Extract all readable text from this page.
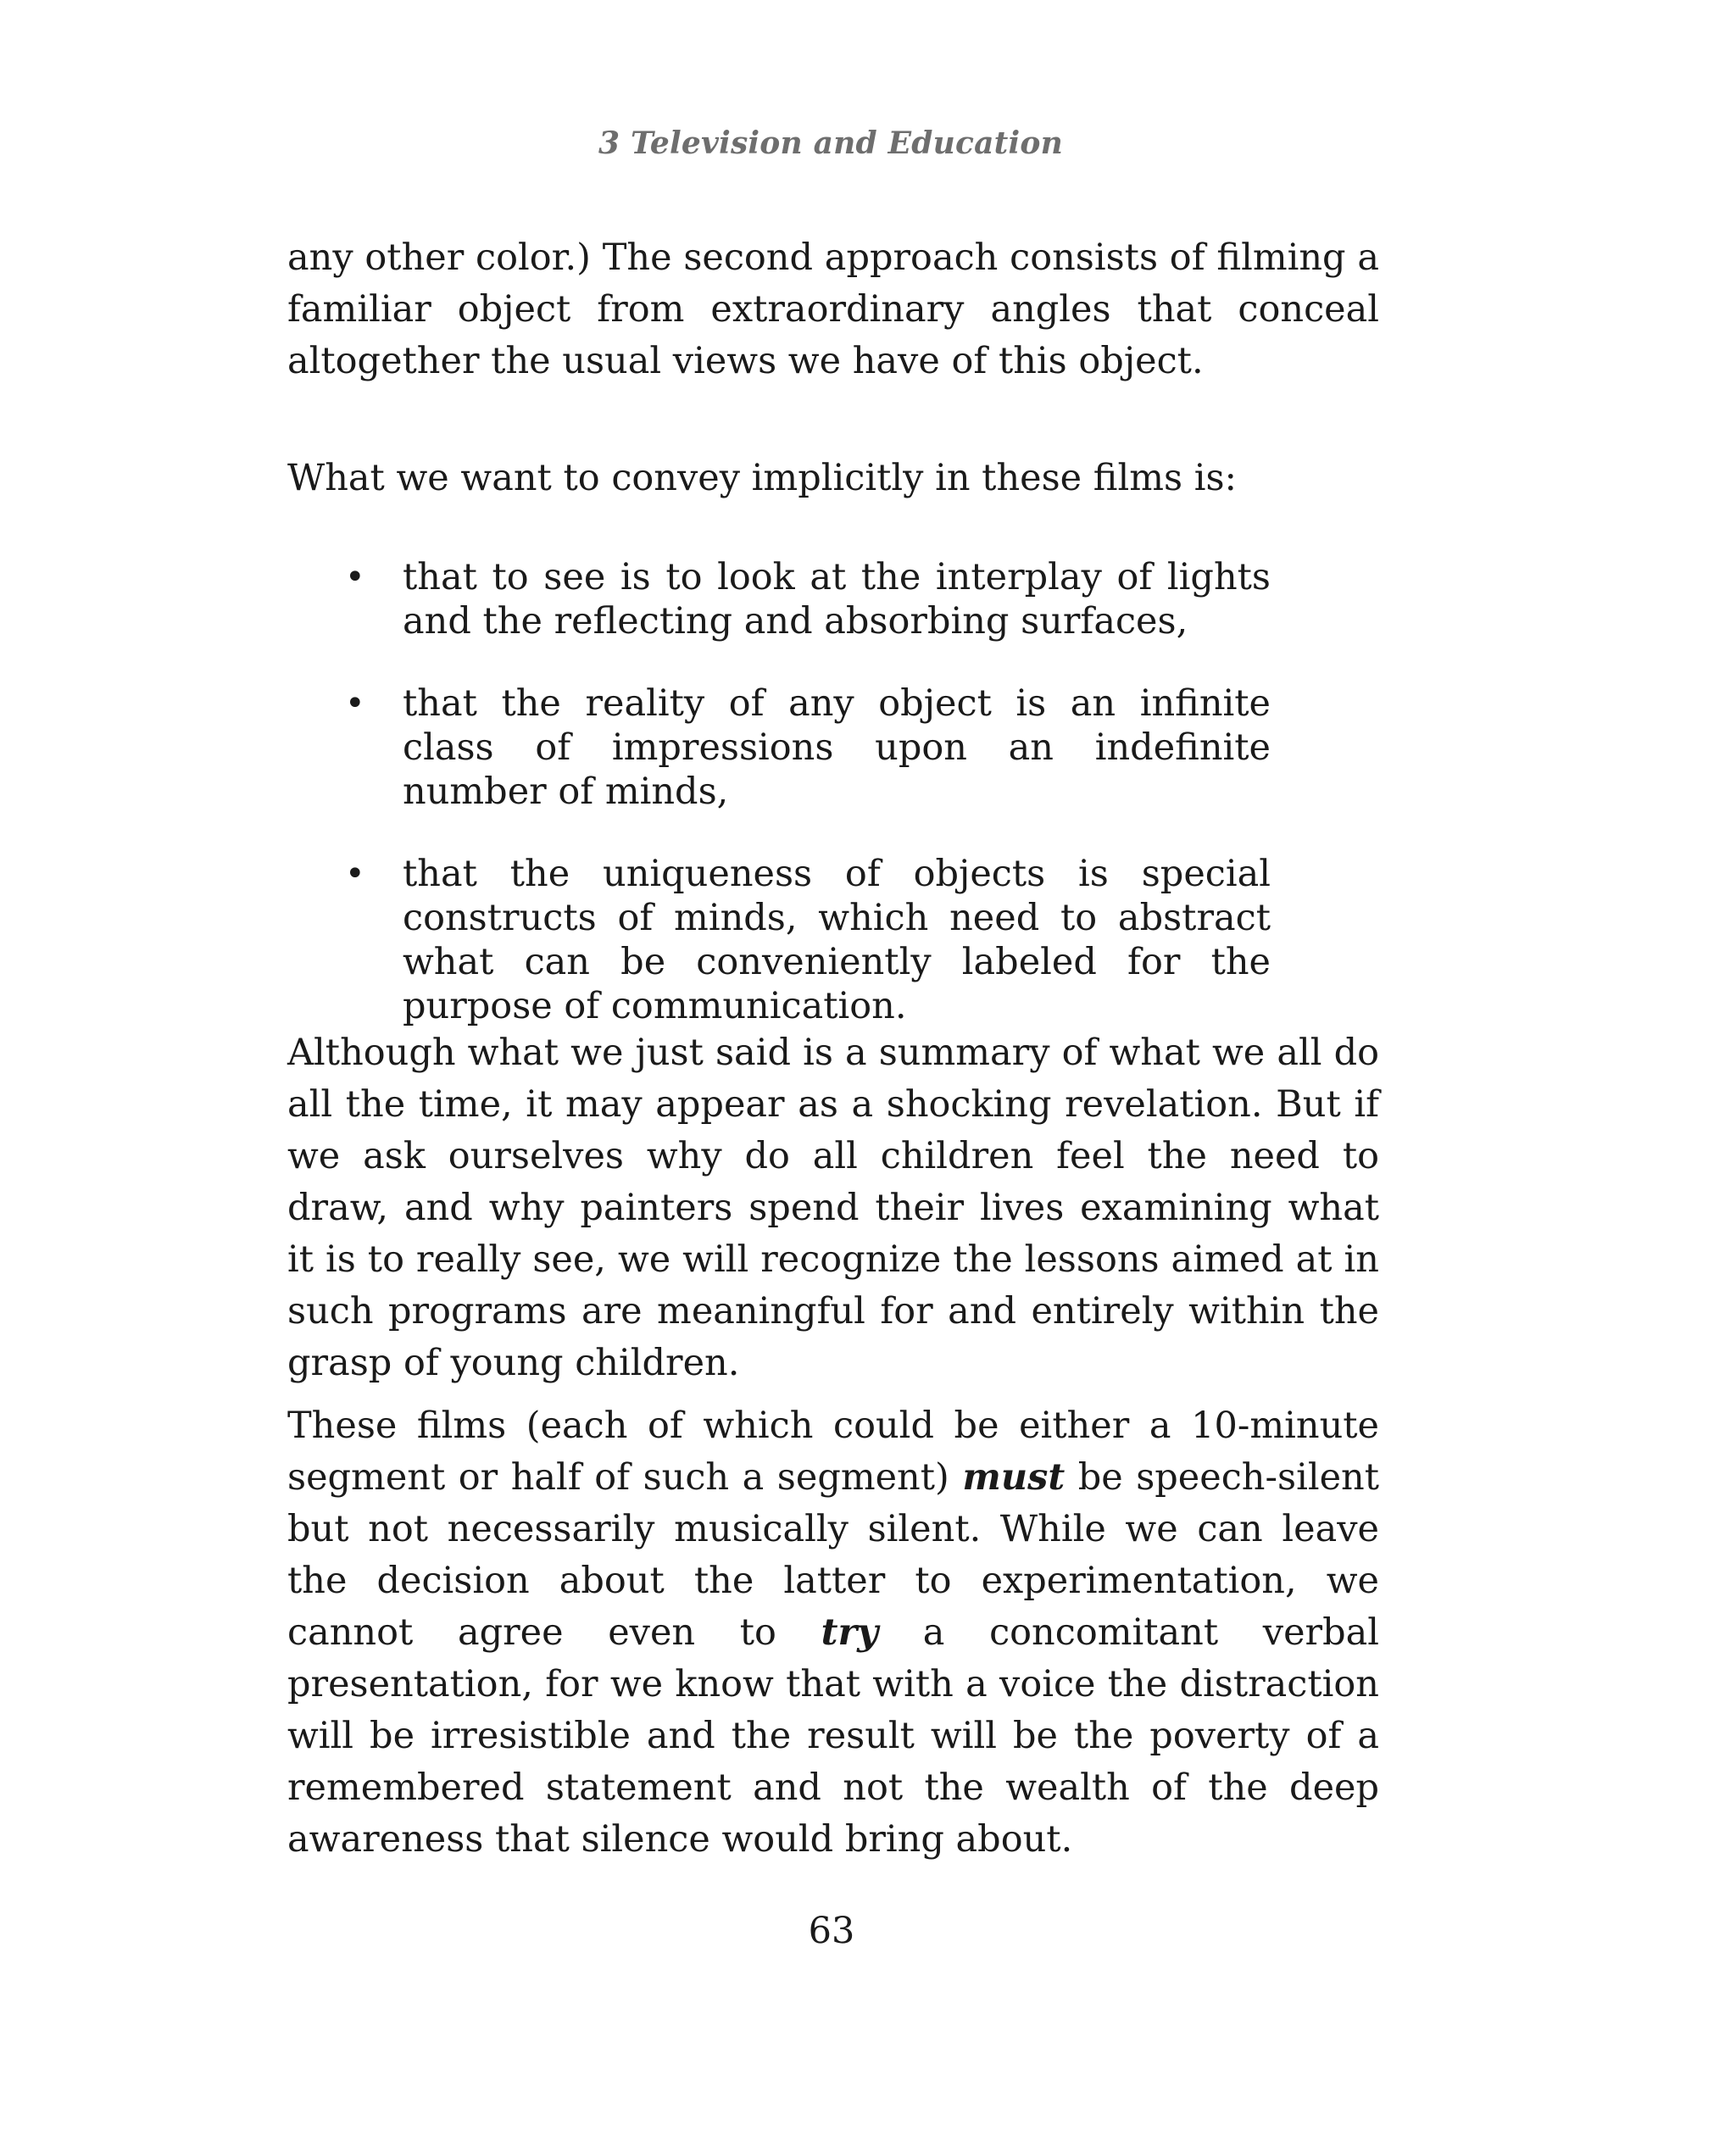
3 Television and Education

any other color.) The second approach consists of filming a familiar object from extraordinary angles that conceal altogether the usual views we have of this object.

What we want to convey implicitly in these films is:

• that to see is to look at the interplay of lights and the reflecting and absorbing surfaces,
• that the reality of any object is an infinite class of impressions upon an indefinite number of minds,
• that the uniqueness of objects is special constructs of minds, which need to abstract what can be conveniently labeled for the purpose of communication.

Although what we just said is a summary of what we all do all the time, it may appear as a shocking revelation. But if we ask ourselves why do all children feel the need to draw, and why painters spend their lives examining what it is to really see, we will recognize the lessons aimed at in such programs are meaningful for and entirely within the grasp of young children.

These films (each of which could be either a 10-minute segment or half of such a segment) must be speech-silent but not necessarily musically silent. While we can leave the decision about the latter to experimentation, we cannot agree even to try a concomitant verbal presentation, for we know that with a voice the distraction will be irresistible and the result will be the poverty of a remembered statement and not the wealth of the deep awareness that silence would bring about.

63
